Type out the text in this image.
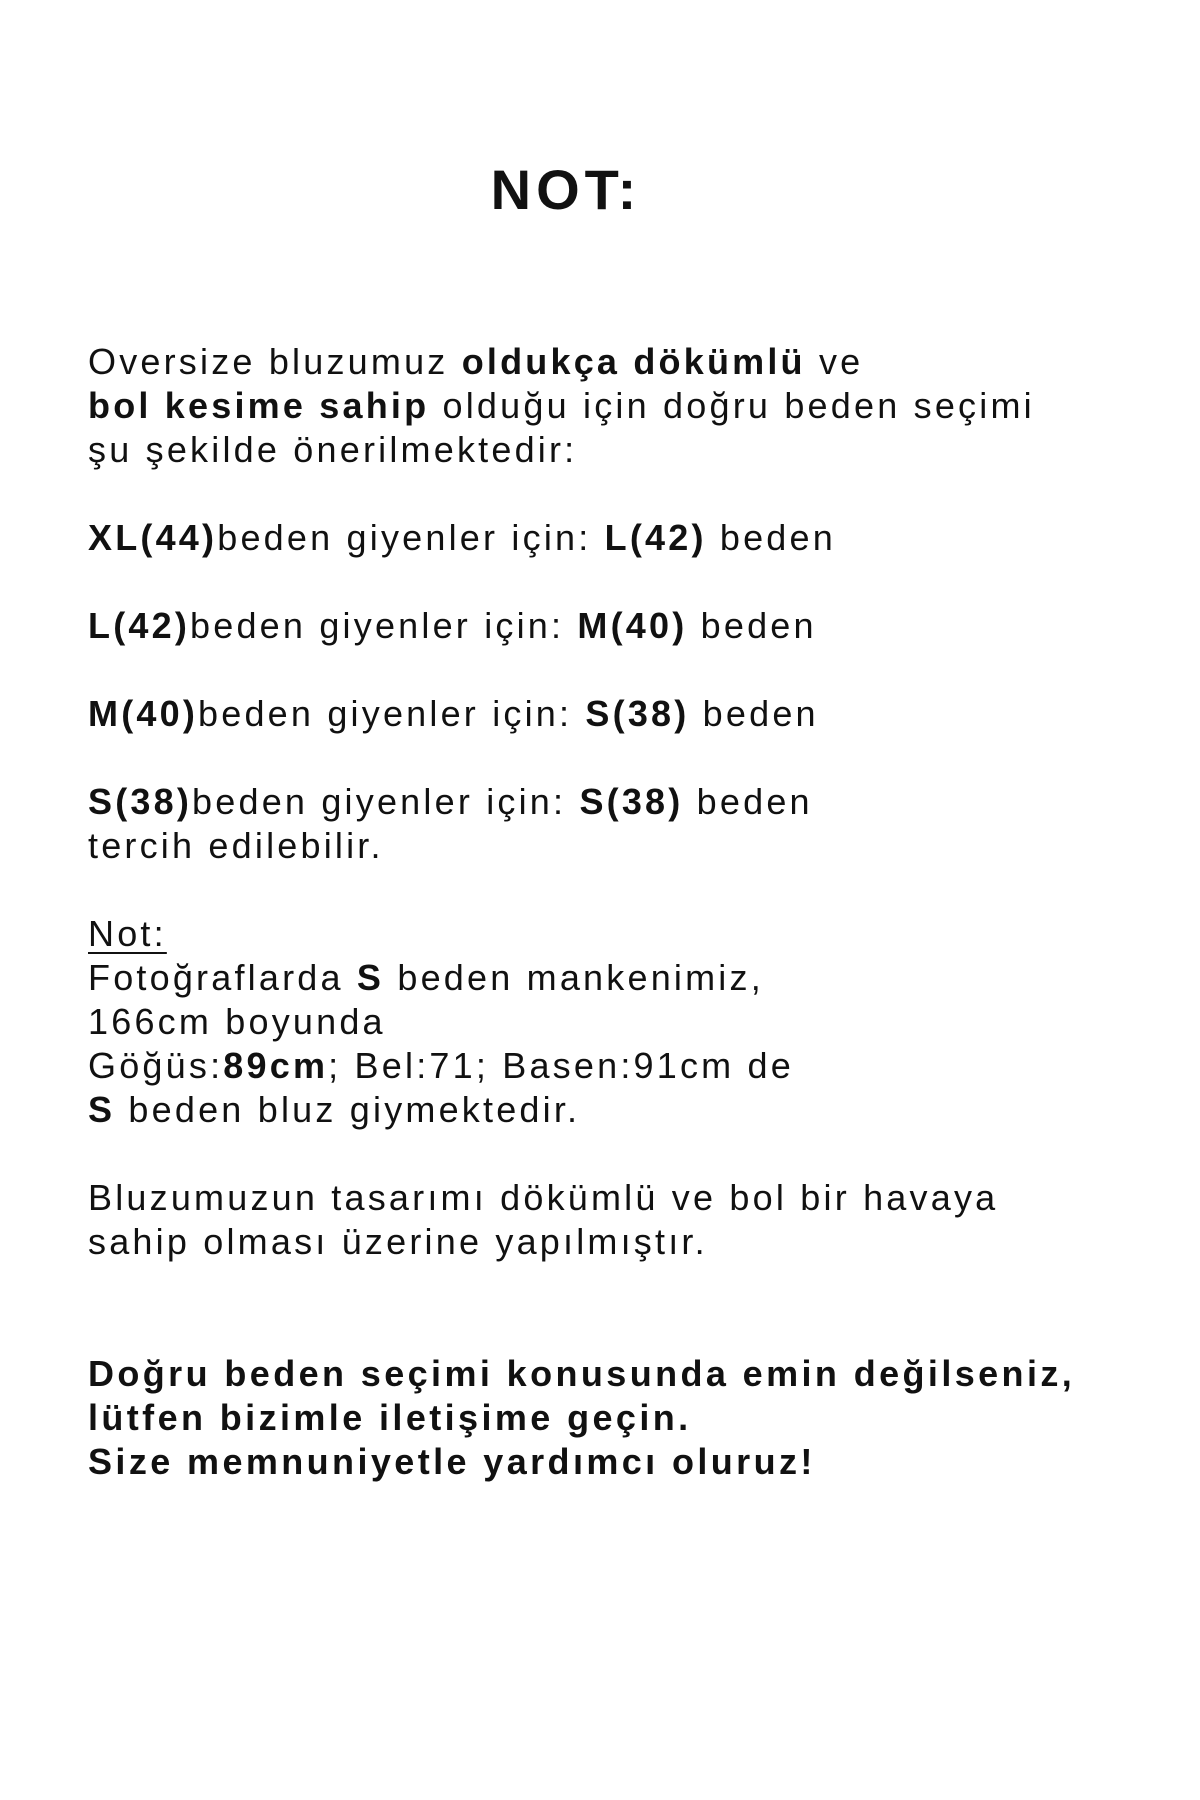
NOT:

Oversize bluzumuz oldukça dökümlü ve

bol kesime sahip olduğu için doğru beden seçimi

şu şekilde önerilmektedir:

XL(44)beden giyenler için: L(42) beden

L(42)beden giyenler için: M(40) beden

M(40)beden giyenler için: S(38) beden

S(38)beden giyenler için: S(38) beden

tercih edilebilir.

Not:

Fotoğraflarda S beden mankenimiz,

166cm boyunda

Göğüs:89cm; Bel:71; Basen:91cm de

S beden bluz giymektedir.

Bluzumuzun tasarımı dökümlü ve bol bir havaya

sahip olması üzerine yapılmıştır.

Doğru beden seçimi konusunda emin değilseniz,

lütfen bizimle iletişime geçin.

Size memnuniyetle yardımcı oluruz!
